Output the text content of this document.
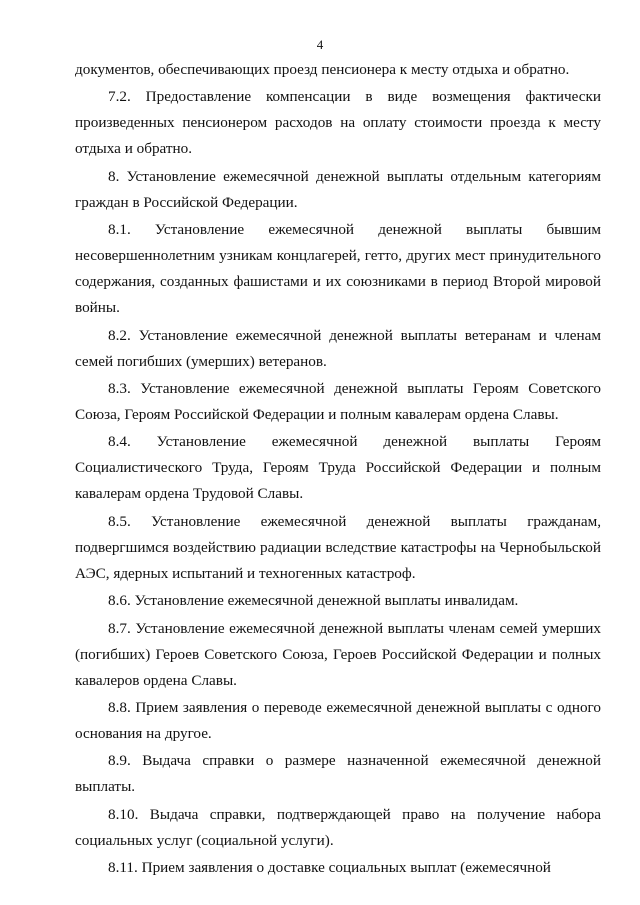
4

документов, обеспечивающих проезд пенсионера к месту отдыха и обратно.

7.2. Предоставление компенсации в виде возмещения фактически произведенных пенсионером расходов на оплату стоимости проезда к месту отдыха и обратно.

8. Установление ежемесячной денежной выплаты отдельным категориям граждан в Российской Федерации.

8.1. Установление ежемесячной денежной выплаты бывшим несовершеннолетним узникам концлагерей, гетто, других мест принудительного содержания, созданных фашистами и их союзниками в период Второй мировой войны.

8.2. Установление ежемесячной денежной выплаты ветеранам и членам семей погибших (умерших) ветеранов.

8.3. Установление ежемесячной денежной выплаты Героям Советского Союза, Героям Российской Федерации и полным кавалерам ордена Славы.

8.4. Установление ежемесячной денежной выплаты Героям Социалистического Труда, Героям Труда Российской Федерации и полным кавалерам ордена Трудовой Славы.

8.5. Установление ежемесячной денежной выплаты гражданам, подвергшимся воздействию радиации вследствие катастрофы на Чернобыльской АЭС, ядерных испытаний и техногенных катастроф.

8.6. Установление ежемесячной денежной выплаты инвалидам.

8.7. Установление ежемесячной денежной выплаты членам семей умерших (погибших) Героев Советского Союза, Героев Российской Федерации и полных кавалеров ордена Славы.

8.8. Прием заявления о переводе ежемесячной денежной выплаты с одного основания на другое.

8.9. Выдача справки о размере назначенной ежемесячной денежной выплаты.

8.10. Выдача справки, подтверждающей право на получение набора социальных услуг (социальной услуги).

8.11. Прием заявления о доставке социальных выплат (ежемесячной
